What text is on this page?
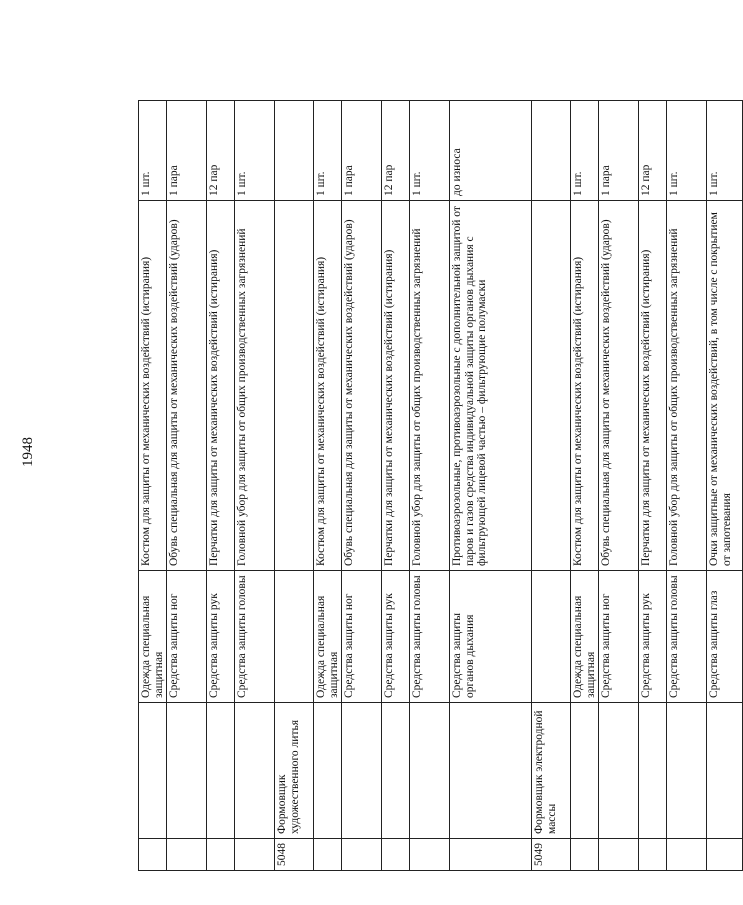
1948
		Одежда специальная защитная	Костюм для защиты от механических воздействий (истирания)	1 шт.
		Средства защиты ног	Обувь специальная для защиты от механических воздействий (ударов)	1 пара
		Средства защиты рук	Перчатки для защиты от механических воздействий (истирания)	12 пар
		Средства защиты головы	Головной убор для защиты от общих производственных загрязнений	1 шт.
5048	Формовщик художественного литья			
		Одежда специальная защитная	Костюм для защиты от механических воздействий (истирания)	1 шт.
		Средства защиты ног	Обувь специальная для защиты от механических воздействий (ударов)	1 пара
		Средства защиты рук	Перчатки для защиты от механических воздействий (истирания)	12 пар
		Средства защиты головы	Головной убор для защиты от общих производственных загрязнений	1 шт.
		Средства защиты органов дыхания	Противоаэрозольные, противоаэрозольные с дополнительной защитой от паров и газов средства индивидуальной защиты органов дыхания с фильтрующей лицевой частью – фильтрующие полумаски	до износа
5049	Формовщик электродной массы			
		Одежда специальная защитная	Костюм для защиты от механических воздействий (истирания)	1 шт.
		Средства защиты ног	Обувь специальная для защиты от механических воздействий (ударов)	1 пара
		Средства защиты рук	Перчатки для защиты от механических воздействий (истирания)	12 пар
		Средства защиты головы	Головной убор для защиты от общих производственных загрязнений	1 шт.
		Средства защиты глаз	Очки защитные от механических воздействий, в том числе с покрытием от запотевания	1 шт.
